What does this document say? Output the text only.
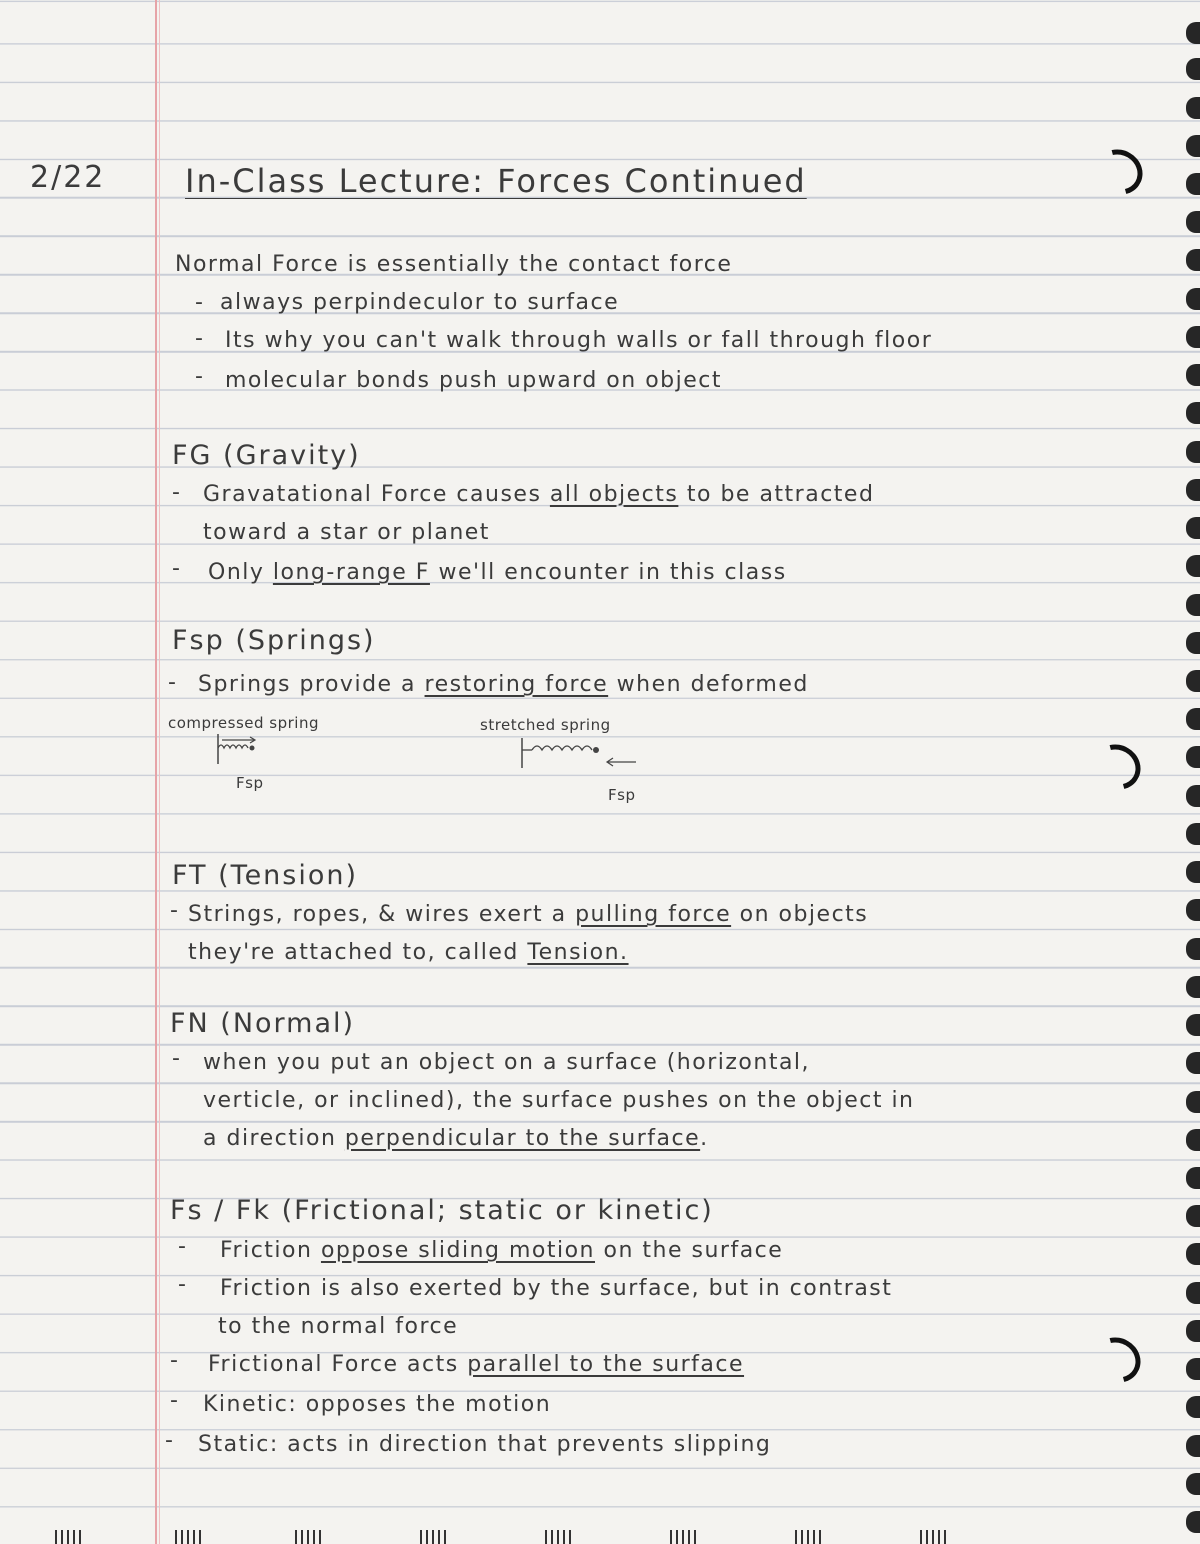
2/22 In-Class Lecture: Forces Continued
Normal Force is essentially the contact force
- always perpindeculor to surface
- Its why you can't walk through walls or fall through floor
- molecular bonds push upward on object
FG (Gravity)
- Gravatational Force causes all objects to be attracted
toward a star or planet
- Only long-range F we'll encounter in this class
Fsp (Springs)
- Springs provide a restoring force when deformed
compressed spring
Fsp
stretched spring
Fsp
FT (Tension)
- Strings, ropes, & wires exert a pulling force on objects
they're attached to, called Tension.
FN (Normal)
- when you put an object on a surface (horizontal,
verticle, or inclined), the surface pushes on the object in
a direction perpendicular to the surface.
Fs / Fk (Frictional; static or kinetic)
- Friction oppose sliding motion on the surface
- Friction is also exerted by the surface, but in contrast
to the normal force
- Frictional Force acts parallel to the surface
- Kinetic: opposes the motion
- Static: acts in direction that prevents slipping
